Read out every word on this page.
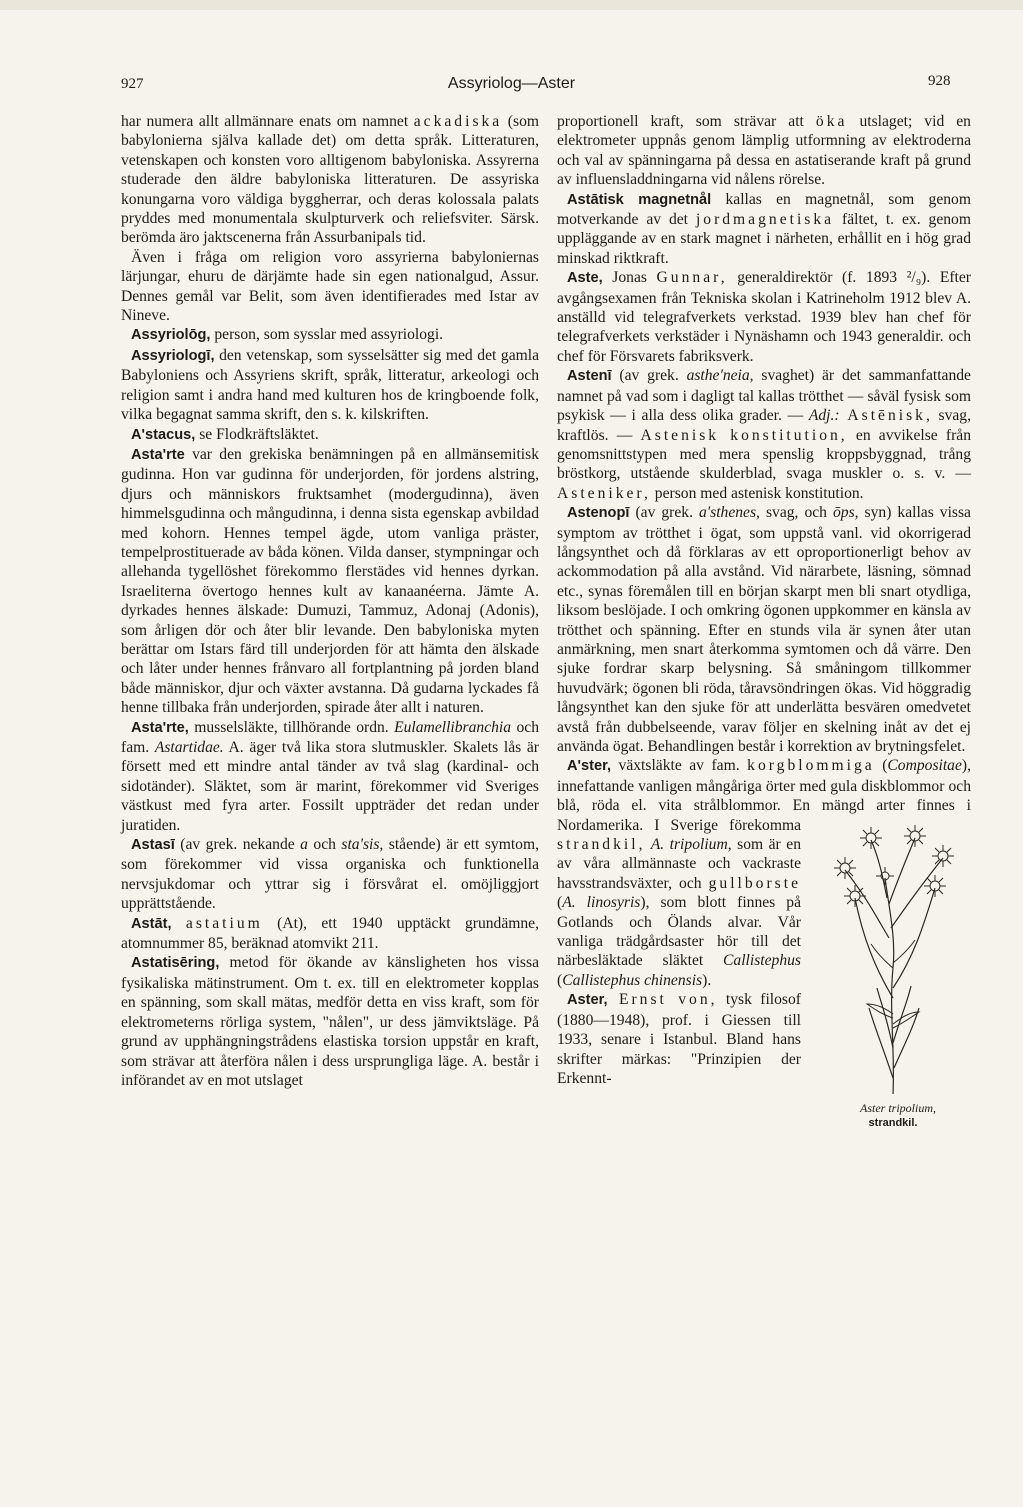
927	Assyriolog—Aster	928

har numera allt allmännare enats om namnet ackadiska (som babylonierna själva kallade det) om detta språk. Litteraturen, vetenskapen och konsten voro alltigenom babyloniska. Assyrerna studerade den äldre babyloniska litteraturen. De assyriska konungarna voro väldiga byggherrar, och deras kolossala palats pryddes med monumentala skulpturverk och reliefsviter. Särsk. berömda äro jaktscenerna från Assurbanipals tid.

Även i fråga om religion voro assyrierna babyloniernas lärjungar, ehuru de därjämte hade sin egen nationalgud, Assur. Dennes gemål var Belit, som även identifierades med Istar av Nineve.

Assyriolōg, person, som sysslar med assyriologi.

Assyriologī, den vetenskap, som sysselsätter sig med det gamla Babyloniens och Assyriens skrift, språk, litteratur, arkeologi och religion samt i andra hand med kulturen hos de kringboende folk, vilka begagnat samma skrift, den s. k. kilskriften.

A'stacus, se Flodkräftsläktet.

Asta'rte var den grekiska benämningen på en allmänsemitisk gudinna. Hon var gudinna för underjorden, för jordens alstring, djurs och människors fruktsamhet (modergudinna), även himmelsgudinna och mångudinna, i denna sista egenskap avbildad med kohorn. Hennes tempel ägde, utom vanliga präster, tempelprostituerade av båda könen. Vilda danser, stympningar och allehanda tygellöshet förekommo flerstädes vid hennes dyrkan. Israeliterna övertogo hennes kult av kanaanéerna. Jämte A. dyrkades hennes älskade: Dumuzi, Tammuz, Adonaj (Adonis), som årligen dör och åter blir levande. Den babyloniska myten berättar om Istars färd till underjorden för att hämta den älskade och låter under hennes frånvaro all fortplantning på jorden bland både människor, djur och växter avstanna. Då gudarna lyckades få henne tillbaka från underjorden, spirade åter allt i naturen.

Asta'rte, musselsläkte, tillhörande ordn. Eulamellibranchia och fam. Astartidae. A. äger två lika stora slutmuskler. Skalets lås är försett med ett mindre antal tänder av två slag (kardinal- och sidotänder). Släktet, som är marint, förekommer vid Sveriges västkust med fyra arter. Fossilt uppträder det redan under juratiden.

Astasī (av grek. nekande a och sta'sis, stående) är ett symtom, som förekommer vid vissa organiska och funktionella nervsjukdomar och yttrar sig i försvårat el. omöjliggjort upprättstående.

Astāt, astatium (At), ett 1940 upptäckt grundämne, atomnummer 85, beräknad atomvikt 211.

Astatisēring, metod för ökande av känsligheten hos vissa fysikaliska mätinstrument. Om t. ex. till en elektrometer kopplas en spänning, som skall mätas, medför detta en viss kraft, som för elektrometerns rörliga system, "nålen", ur dess jämviktsläge. På grund av upphängningstrådens elastiska torsion uppstår en kraft, som strävar att återföra nålen i dess ursprungliga läge. A. består i införandet av en mot utslaget

proportionell kraft, som strävar att öka utslaget; vid en elektrometer uppnås genom lämplig utformning av elektroderna och val av spänningarna på dessa en astatiserande kraft på grund av influensladdningarna vid nålens rörelse.

Astātisk magnetnål kallas en magnetnål, som genom motverkande av det jordmagnetiska fältet, t. ex. genom uppläggande av en stark magnet i närheten, erhållit en i hög grad minskad riktkraft.

Aste, Jonas Gunnar, generaldirektör (f. 1893 ²/₉). Efter avgångsexamen från Tekniska skolan i Katrineholm 1912 blev A. anställd vid telegrafverkets verkstad. 1939 blev han chef för telegrafverkets verkstäder i Nynäshamn och 1943 generaldir. och chef för Försvarets fabriksverk.

Astenī (av grek. asthe'neia, svaghet) är det sammanfattande namnet på vad som i dagligt tal kallas trötthet — såväl fysisk som psykisk — i alla dess olika grader. — Adj.: Astēnisk, svag, kraftlös. — Astenisk konstitution, en avvikelse från genomsnittstypen med mera spenslig kroppsbyggnad, trång bröstkorg, utstående skulderblad, svaga muskler o. s. v. — Asteniker, person med astenisk konstitution.

Astenopī (av grek. a'sthenes, svag, och ōps, syn) kallas vissa symptom av trötthet i ögat, som uppstå vanl. vid okorrigerad långsynthet och då förklaras av ett oproportionerligt behov av ackommodation på alla avstånd. Vid närarbete, läsning, sömnad etc., synas föremålen till en början skarpt men bli snart otydliga, liksom beslöjade. I och omkring ögonen uppkommer en känsla av trötthet och spänning. Efter en stunds vila är synen åter utan anmärkning, men snart återkomma symtomen och då värre. Den sjuke fordrar skarp belysning. Så småningom tillkommer huvudvärk; ögonen bli röda, tåravsöndringen ökas. Vid höggradig långsynthet kan den sjuke för att underlätta besvären omedvetet avstå från dubbelseende, varav följer en skelning inåt av det ej använda ögat. Behandlingen består i korrektion av brytningsfelet.

A'ster, växtsläkte av fam. korgblommiga (Compositae), innefattande vanligen mångåriga örter med gula diskblommor och blå, röda el. vita strålblommor. En mängd arter finnes i Nordamerika. I Sverige förekomma
Aster tripolium,
strandkil.
strandkil, A. tripolium, som är en av våra allmännaste och vackraste havsstrandsväxter, och gullborste (A. linosyris), som blott finnes på Gotlands och Ölands alvar. Vår vanliga trädgårdsaster hör till det närbesläktade släktet Callistephus (Callistephus chinensis).

Aster, Ernst von, tysk filosof (1880—1948), prof. i Giessen till 1933, senare i Istanbul. Bland hans skrifter märkas: "Prinzipien der Erkennt-
